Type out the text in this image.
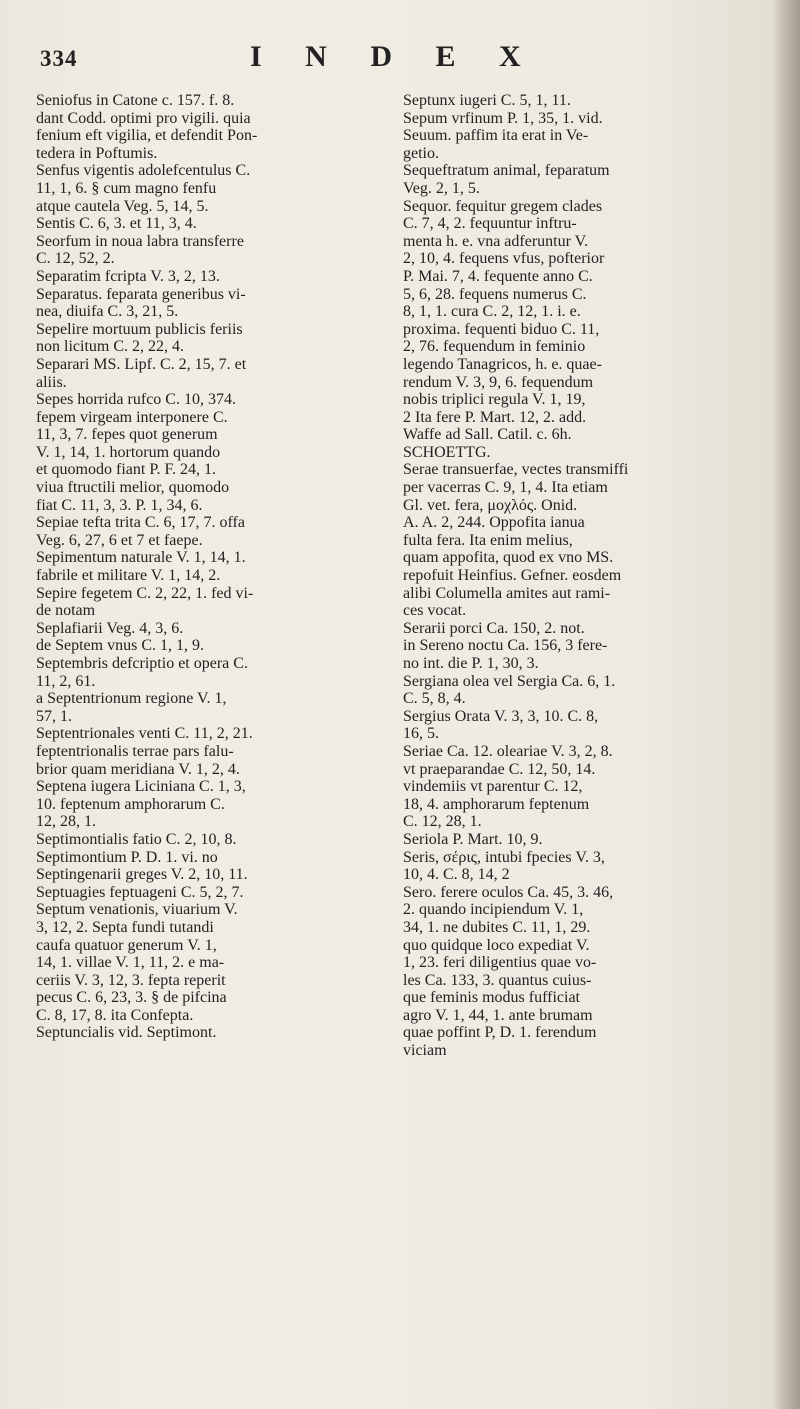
334	I N D E X
Seniofus in Catone c. 157. f. 8.
dant Codd. optimi pro vigili. quia
fenium eft vigilia, et defendit Pon-
tedera in Poftumis.
Senfus vigentis adolefcentulus C.
11, 1, 6. § cum magno fenfu
atque cautela Veg. 5, 14, 5.
Sentis C. 6, 3. et 11, 3, 4.
Seorfum in noua labra transferre
C. 12, 52, 2.
Separatim fcripta V. 3, 2, 13.
Separatus. feparata generibus vi-
nea, diuifa C. 3, 21, 5.
Sepelire mortuum publicis feriis
non licitum C. 2, 22, 4.
Separari MS. Lipf. C. 2, 15, 7. et
aliis.
Sepes horrida rufco C. 10, 374.
fepem virgeam interponere C.
11, 3, 7. fepes quot generum
V. 1, 14, 1. hortorum quando
et quomodo fiant P. F. 24, 1.
viua ftructili melior, quomodo
fiat C. 11, 3, 3. P. 1, 34, 6.
Sepiae tefta trita C. 6, 17, 7. offa
Veg. 6, 27, 6 et 7 et faepe.
Sepimentum naturale V. 1, 14, 1.
fabrile et militare V. 1, 14, 2.
Sepire fegetem C. 2, 22, 1. fed vi-
de notam
Seplafiarii Veg. 4, 3, 6.
de Septem vnus C. 1, 1, 9.
Septembris defcriptio et opera C.
11, 2, 61.
a Septentrionum regione V. 1,
57, 1.
Septentrionales venti C. 11, 2, 21.
feptentrionalis terrae pars falu-
brior quam meridiana V. 1, 2, 4.
Septena iugera Liciniana C. 1, 3,
10. feptenum amphorarum C.
12, 28, 1.
Septimontialis fatio C. 2, 10, 8.
Septimontium P. D. 1. vi. no
Septingenarii greges V. 2, 10, 11.
Septuagies feptuageni C. 5, 2, 7.
Septum venationis, viuarium V.
3, 12, 2. Septa fundi tutandi
caufa quatuor generum V. 1,
14, 1. villae V. 1, 11, 2. e ma-
ceriis V. 3, 12, 3. fepta reperit
pecus C. 6, 23, 3. § de pifcina
C. 8, 17, 8. ita Confepta.
Septuncialis vid. Septimont.
Septunx iugeri C. 5, 1, 11.
Sepum vrfinum P. 1, 35, 1. vid.
Seuum. paffim ita erat in Ve-
getio.
Sequeftratum animal, feparatum
Veg. 2, 1, 5.
Sequor. fequitur gregem clades
C. 7, 4, 2. fequuntur inftru-
menta h. e. vna adferuntur V.
2, 10, 4. fequens vfus, pofterior
P. Mai. 7, 4. fequente anno C.
5, 6, 28. fequens numerus C.
8, 1, 1. cura C. 2, 12, 1. i. e.
proxima. fequenti biduo C. 11,
2, 76. fequendum in feminio
legendo Tanagricos, h. e. quae-
rendum V. 3, 9, 6. fequendum
nobis triplici regula V. 1, 19,
2 Ita fere P. Mart. 12, 2. add.
Waffe ad Sall. Catil. c. 6h.
SCHOETTG.
Serae transuerfae, vectes transmiffi
per vacerras C. 9, 1, 4. Ita etiam
Gl. vet. fera, μοχλός. Onid.
A. A. 2, 244. Oppofita ianua
fulta fera. Ita enim melius,
quam appofita, quod ex vno MS.
repofuit Heinfius. Gefner. eosdem
alibi Columella amites aut rami-
ces vocat.
Serarii porci Ca. 150, 2. not.
in Sereno noctu Ca. 156, 3 fere-
no int. die P. 1, 30, 3.
Sergiana olea vel Sergia Ca. 6, 1.
C. 5, 8, 4.
Sergius Orata V. 3, 3, 10. C. 8,
16, 5.
Seriae Ca. 12. oleariae V. 3, 2, 8.
vt praeparandae C. 12, 50, 14.
vindemiis vt parentur C. 12,
18, 4. amphorarum feptenum
C. 12, 28, 1.
Seriola P. Mart. 10, 9.
Seris, σέρις, intubi fpecies V. 3,
10, 4. C. 8, 14, 2
Sero. ferere oculos Ca. 45, 3. 46,
2. quando incipiendum V. 1,
34, 1. ne dubites C. 11, 1, 29.
quo quidque loco expediat V.
1, 23. feri diligentius quae vo-
les Ca. 133, 3. quantus cuius-
que feminis modus fufficiat
agro V. 1, 44, 1. ante brumam
quae poffint P, D. 1. ferendum
viciam
